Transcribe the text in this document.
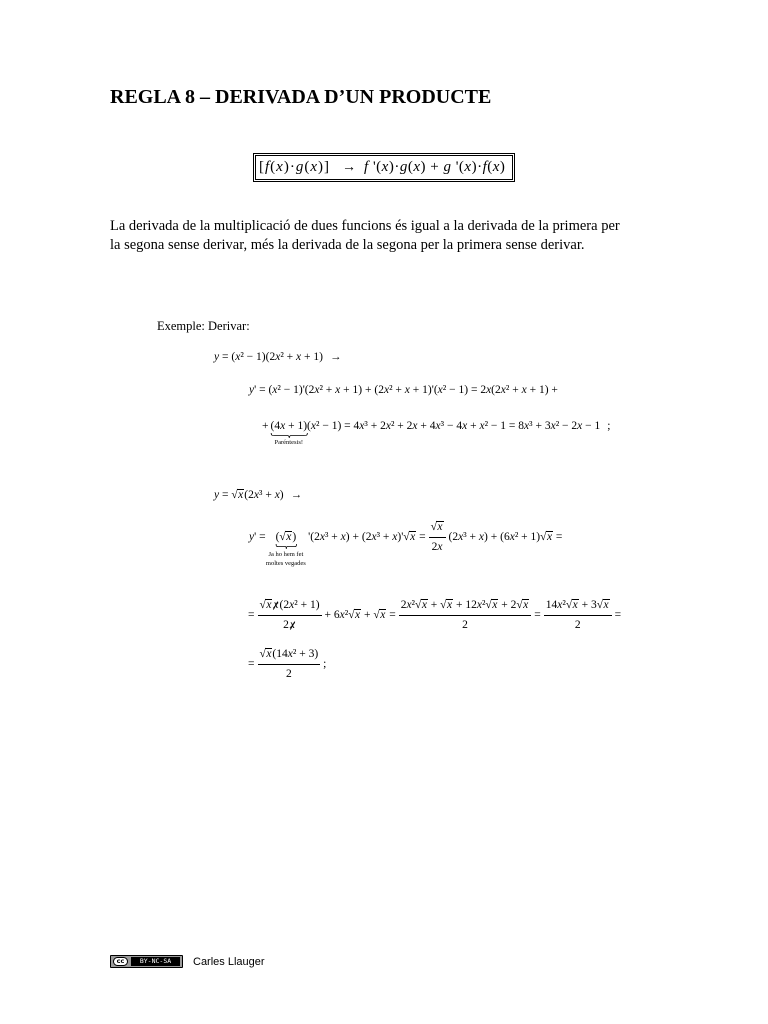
REGLA 8 – DERIVADA D’UN PRODUCTE
[f(x)·g(x)] → f '(x)·g(x) + g '(x)·f(x)
La derivada de la multiplicació de dues funcions és igual a la derivada de la primera per
la segona sense derivar, més la derivada de la segona per la primera sense derivar.
Exemple: Derivar:
y = (x² − 1)(2x² + x + 1) →
y' = (x² − 1)'(2x² + x + 1) + (2x² + x + 1)'(x² − 1) = 2x(2x² + x + 1) +
+ (4x + 1)
Paréntesis!
(x² − 1) = 4x³ + 2x² + 2x + 4x³ − 4x + x² − 1 = 8x³ + 3x² − 2x − 1 ;
y = √x(2x³ + x) →
y' = (√x)
Ja ho hem fet
moltes vegades
'$(2x^3 + x) + (2x^3 + x)'√x = \frac{√x}{2x} (2x^3 + x) + (6x^2 + 1)√x$ =
= $\frac{\text{√x x (2x² + 1)}}{2 x} + 6x^2√x + √x = \frac{\text{2x²√x + √x + 12x²√x + 2√x}}{2} = \frac{\text{14x²√x + 3√x}}{2}$ =
= $\frac{\text{√x(14x² + 3)}}{2}$ ;
cc	BY-NC-SA	Carles Llauger
